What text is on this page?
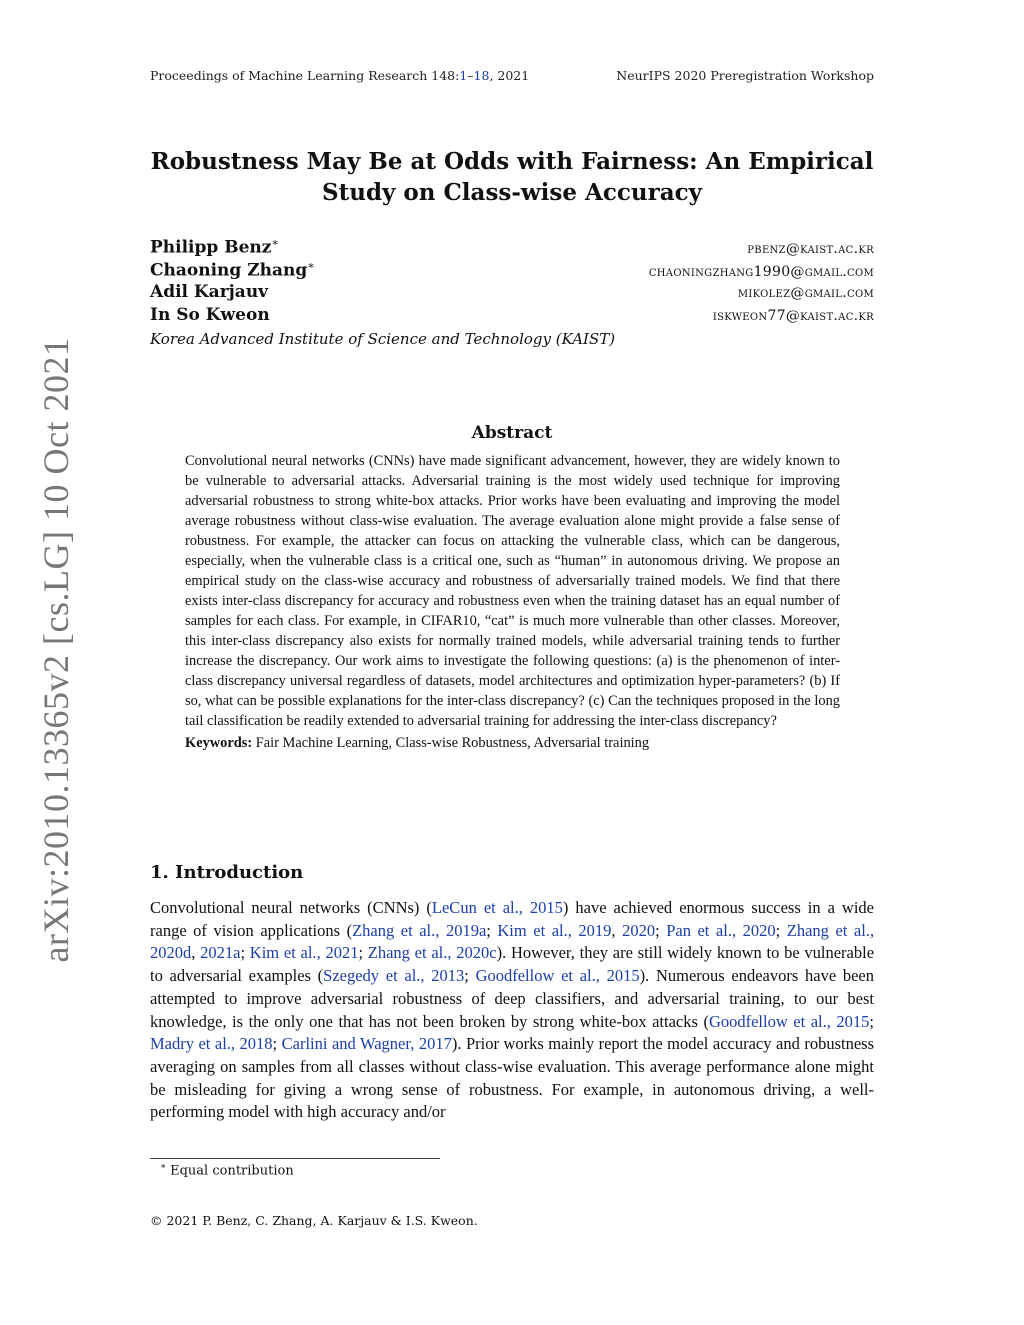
arXiv:2010.13365v2 [cs.LG] 10 Oct 2021
Proceedings of Machine Learning Research 148:1–18, 2021	NeurIPS 2020 Preregistration Workshop
Robustness May Be at Odds with Fairness: An Empirical Study on Class-wise Accuracy
Philipp Benz∗	pbenz@kaist.ac.kr
Chaoning Zhang∗	chaoningzhang1990@gmail.com
Adil Karjauv	mikolez@gmail.com
In So Kweon	iskweon77@kaist.ac.kr
Korea Advanced Institute of Science and Technology (KAIST)
Abstract
Convolutional neural networks (CNNs) have made significant advancement, however, they are widely known to be vulnerable to adversarial attacks. Adversarial training is the most widely used technique for improving adversarial robustness to strong white-box attacks. Prior works have been evaluating and improving the model average robustness without class-wise evaluation. The average evaluation alone might provide a false sense of robustness. For example, the attacker can focus on attacking the vulnerable class, which can be dangerous, especially, when the vulnerable class is a critical one, such as “human” in autonomous driving. We propose an empirical study on the class-wise accuracy and robustness of adversarially trained models. We find that there exists inter-class discrepancy for accuracy and robustness even when the training dataset has an equal number of samples for each class. For example, in CIFAR10, “cat” is much more vulnerable than other classes. Moreover, this inter-class discrepancy also exists for normally trained models, while adversarial training tends to further increase the discrepancy. Our work aims to investigate the following questions: (a) is the phenomenon of inter-class discrepancy universal regardless of datasets, model architectures and optimization hyper-parameters? (b) If so, what can be possible explanations for the inter-class discrepancy? (c) Can the techniques proposed in the long tail classification be readily extended to adversarial training for addressing the inter-class discrepancy?
Keywords: Fair Machine Learning, Class-wise Robustness, Adversarial training
1. Introduction
Convolutional neural networks (CNNs) (LeCun et al., 2015) have achieved enormous success in a wide range of vision applications (Zhang et al., 2019a; Kim et al., 2019, 2020; Pan et al., 2020; Zhang et al., 2020d, 2021a; Kim et al., 2021; Zhang et al., 2020c). However, they are still widely known to be vulnerable to adversarial examples (Szegedy et al., 2013; Goodfellow et al., 2015). Numerous endeavors have been attempted to improve adversarial robustness of deep classifiers, and adversarial training, to our best knowledge, is the only one that has not been broken by strong white-box attacks (Goodfellow et al., 2015; Madry et al., 2018; Carlini and Wagner, 2017). Prior works mainly report the model accuracy and robustness averaging on samples from all classes without class-wise evaluation. This average performance alone might be misleading for giving a wrong sense of robustness. For example, in autonomous driving, a well-performing model with high accuracy and/or
∗ Equal contribution
© 2021 P. Benz, C. Zhang, A. Karjauv & I.S. Kweon.
